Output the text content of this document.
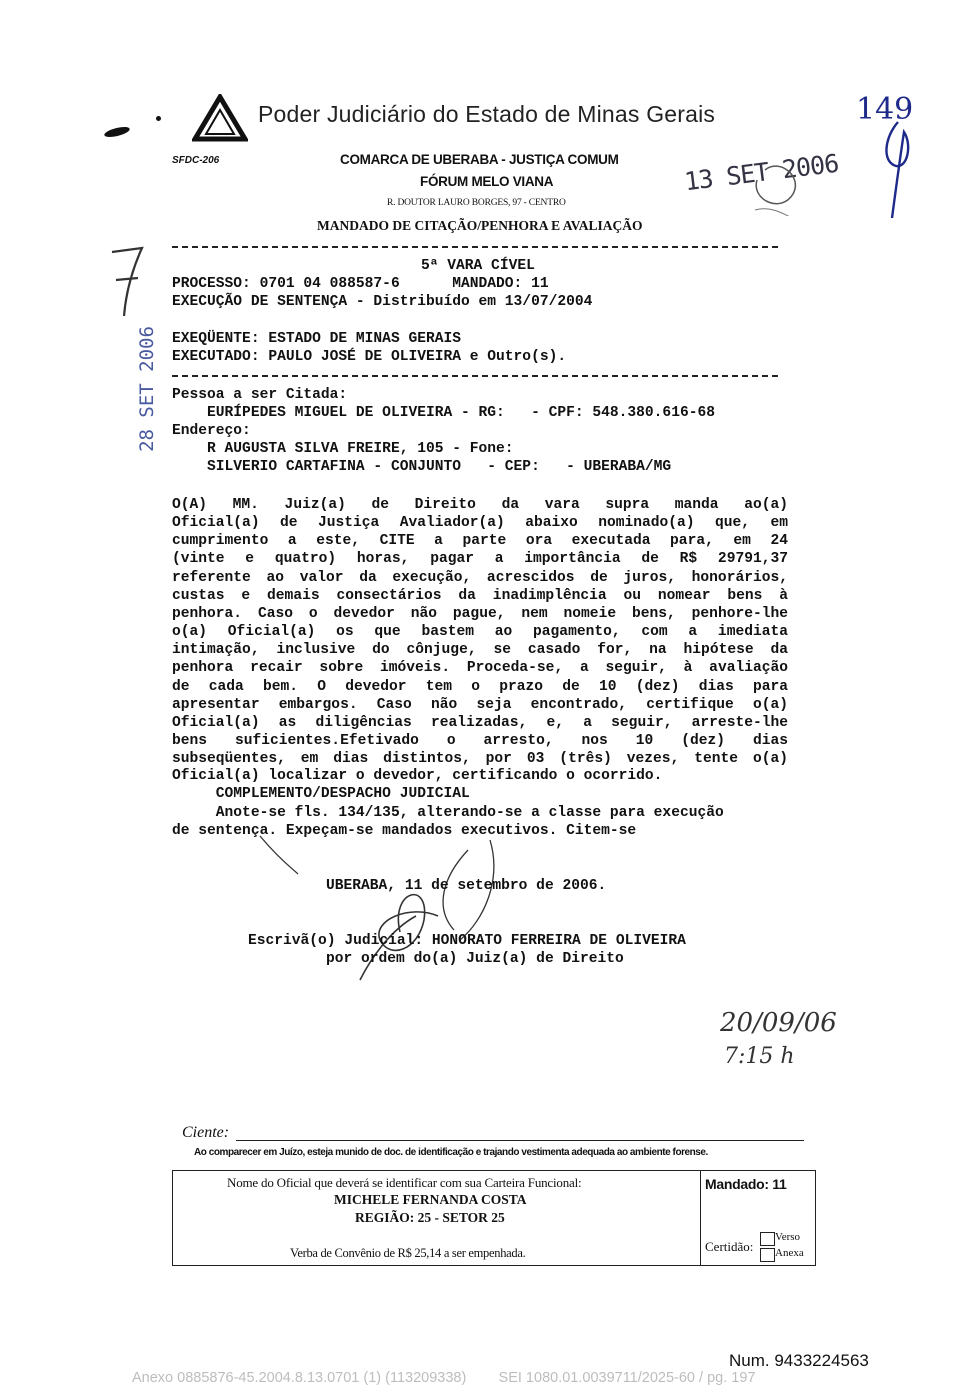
Poder Judiciário do Estado de Minas Gerais
SFDC-206	COMARCA DE UBERABA - JUSTIÇA COMUM
FÓRUM MELO VIANA
R. DOUTOR LAURO BORGES, 97 - CENTRO
MANDADO DE CITAÇÃO/PENHORA E AVALIAÇÃO
149
13 SET 2006
28 SET 2006
5ª VARA CÍVEL
PROCESSO: 0701 04 088587-6      MANDADO: 11
EXECUÇÃO DE SENTENÇA - Distribuído em 13/07/2004
EXEQÜENTE: ESTADO DE MINAS GERAIS
EXECUTADO: PAULO JOSÉ DE OLIVEIRA e Outro(s).
Pessoa a ser Citada:
EURÍPEDES MIGUEL DE OLIVEIRA - RG:   - CPF: 548.380.616-68
Endereço:
R AUGUSTA SILVA FREIRE, 105 - Fone:
SILVERIO CARTAFINA - CONJUNTO   - CEP:   - UBERABA/MG
O(A) MM. Juiz(a) de Direito da vara supra manda ao(a)
Oficial(a) de Justiça Avaliador(a) abaixo nominado(a) que, em
cumprimento a este, CITE a parte ora executada para, em 24
(vinte e quatro) horas, pagar a importância de R$ 29791,37
referente ao valor da execução, acrescidos de juros, honorários,
custas e demais consectários da inadimplência ou nomear bens à
penhora. Caso o devedor não pague, nem nomeie bens, penhore-lhe
o(a) Oficial(a) os que bastem ao pagamento, com a imediata
intimação, inclusive do cônjuge, se casado for, na hipótese da
penhora recair sobre imóveis. Proceda-se, a seguir, à avaliação
de cada bem. O devedor tem o prazo de 10 (dez) dias para
apresentar embargos. Caso não seja encontrado, certifique o(a)
Oficial(a) as diligências realizadas, e, a seguir, arreste-lhe
bens suficientes.Efetivado o arresto, nos 10 (dez) dias
subseqüentes, em dias distintos, por 03 (três) vezes, tente o(a)
Oficial(a) localizar o devedor, certificando o ocorrido.
COMPLEMENTO/DESPACHO JUDICIAL
Anote-se fls. 134/135, alterando-se a classe para execução
de sentença. Expeçam-se mandados executivos. Citem-se
UBERABA, 11 de setembro de 2006.
Escrivã(o) Judicial: HONORATO FERREIRA DE OLIVEIRA
por ordem do(a) Juiz(a) de Direito
20/09/06
7:15 h
Ciente:
Ao comparecer em Juízo, esteja munido de doc. de identificação e trajando vestimenta adequada ao ambiente forense.
Nome do Oficial que deverá se identificar com sua Carteira Funcional:
MICHELE FERNANDA COSTA
REGIÃO: 25 - SETOR 25
Verba de Convênio de R$ 25,14 a ser empenhada.
Mandado: 11
Certidão:
Verso
Anexa
Num. 9433224563
Anexo 0885876-45.2004.8.13.0701 (1) (113209338)        SEI 1080.01.0039711/2025-60 / pg. 197
